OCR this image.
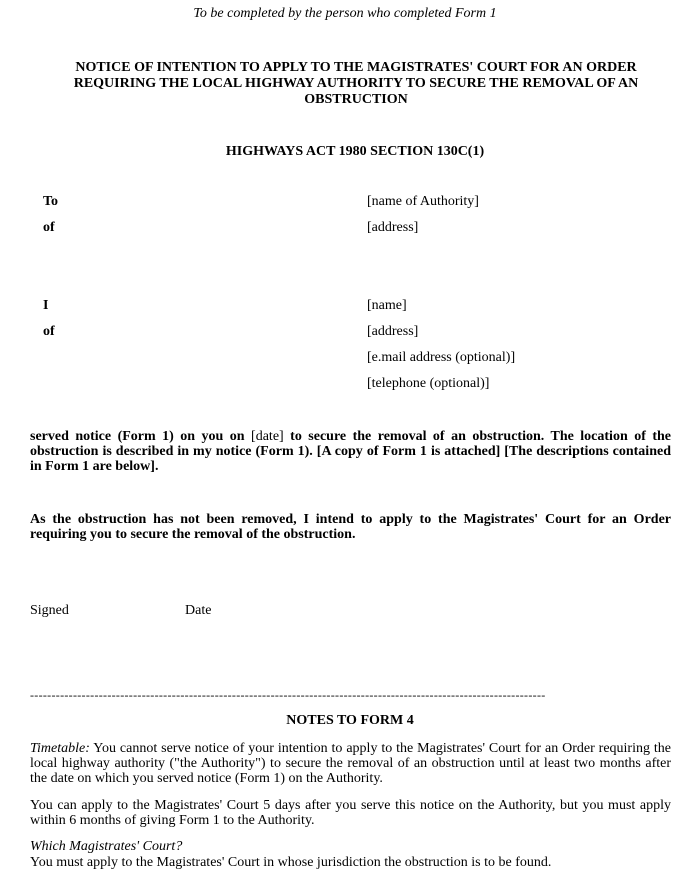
To be completed by the person who completed Form 1
NOTICE OF INTENTION TO APPLY TO THE MAGISTRATES' COURT FOR AN ORDER
REQUIRING THE LOCAL HIGHWAY AUTHORITY TO SECURE THE REMOVAL OF AN
OBSTRUCTION
HIGHWAYS ACT 1980 SECTION 130C(1)
To	[name of Authority]
of	[address]
I	[name]
of	[address]
[e.mail address (optional)]
[telephone (optional)]
served notice (Form 1) on you on [date] to secure the removal of an obstruction. The location of the obstruction is described in my notice (Form 1). [A copy of Form 1 is attached] [The descriptions contained in Form 1 are below].
As the obstruction has not been removed, I intend to apply to the Magistrates' Court for an Order requiring you to secure the removal of the obstruction.
Signed	Date
------------------------------------------------------------------------------------------------------------------------
NOTES TO FORM 4
Timetable: You cannot serve notice of your intention to apply to the Magistrates' Court for an Order requiring the local highway authority ("the Authority") to secure the removal of an obstruction until at least two months after the date on which you served notice (Form 1) on the Authority.
You can apply to the Magistrates' Court 5 days after you serve this notice on the Authority, but you must apply within 6 months of giving Form 1 to the Authority.
Which Magistrates' Court?
You must apply to the Magistrates' Court in whose jurisdiction the obstruction is to be found.
